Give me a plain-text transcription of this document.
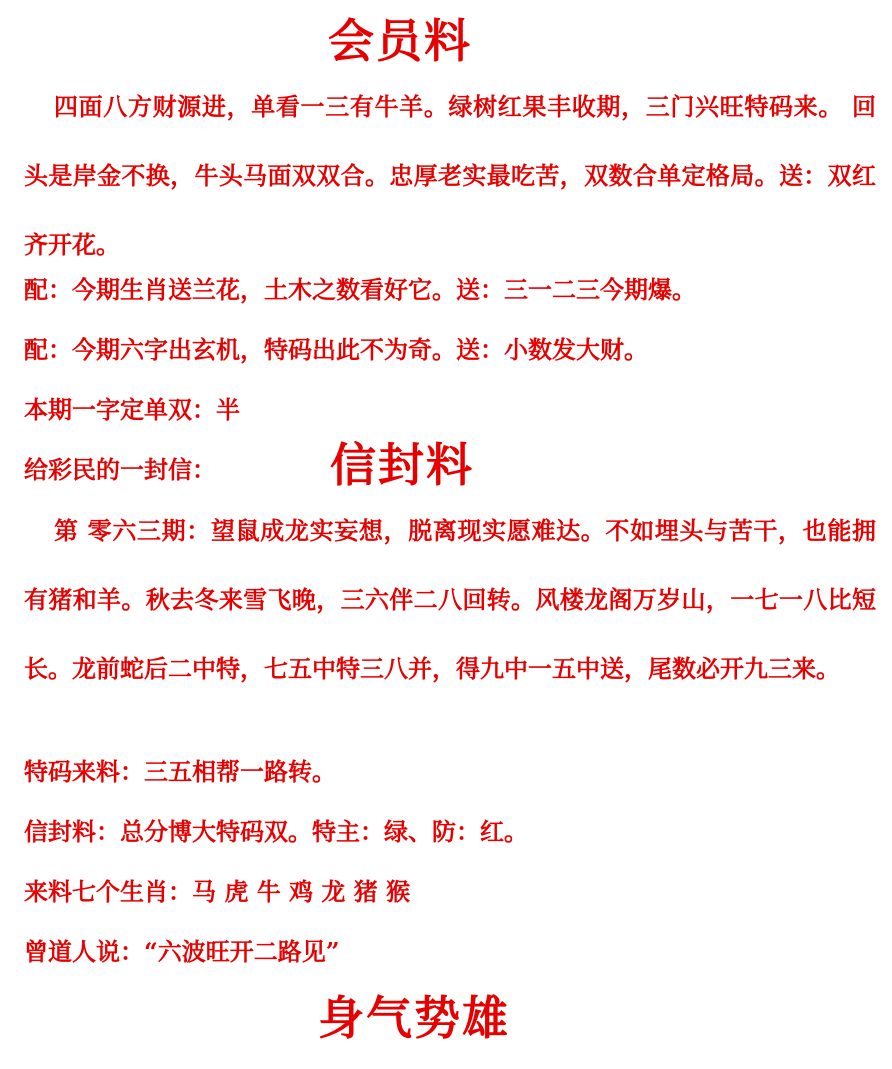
会员料
四面八方财源进，单看一三有牛羊。绿树红果丰收期，三门兴旺特码来。 回头是岸金不换，牛头马面双双合。忠厚老实最吃苦，双数合单定格局。送：双红齐开花。
配：今期生肖送兰花，土木之数看好它。送：三一二三今期爆。
配：今期六字出玄机，特码出此不为奇。送：小数发大财。
本期一字定单双：半
给彩民的一封信： 信封料
第 零六三期：望鼠成龙实妄想，脱离现实愿难达。不如埋头与苦干，也能拥有猪和羊。秋去冬来雪飞晚，三六伴二八回转。风楼龙阁万岁山，一七一八比短长。龙前蛇后二中特，七五中特三八并，得九中一五中送，尾数必开九三来。
特码来料：三五相帮一路转。
信封料：总分博大特码双。特主：绿、防：红。
来料七个生肖：马 虎 牛 鸡 龙 猪 猴
曾道人说：“六波旺开二路见”
身气势雄
